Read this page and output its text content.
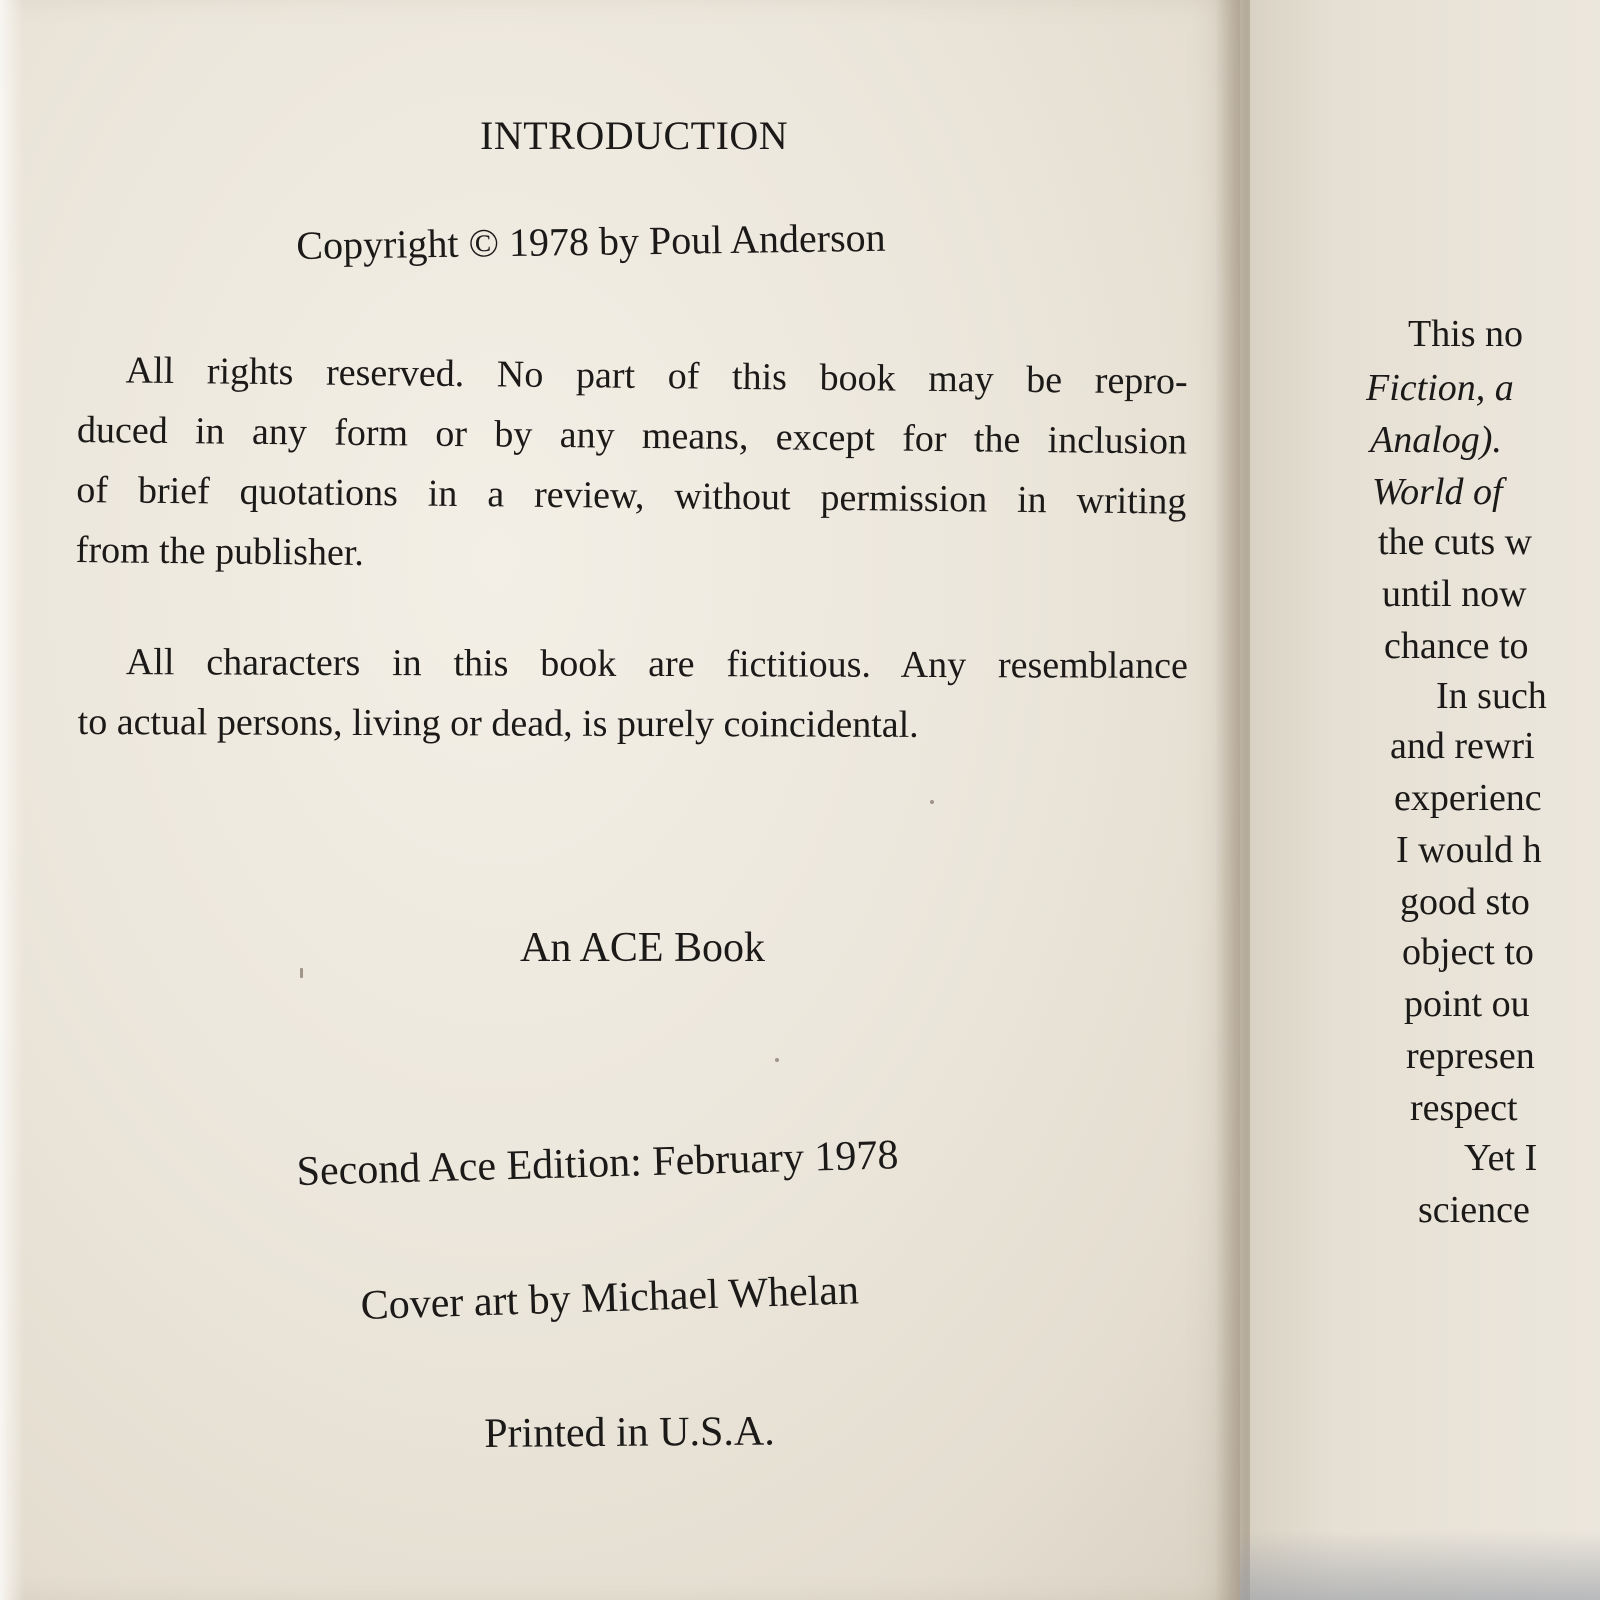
INTRODUCTION
Copyright © 1978 by Poul Anderson
All rights reserved. No part of this book may be repro-
duced in any form or by any means, except for the inclusion
of brief quotations in a review, without permission in writing
from the publisher.
All characters in this book are fictitious. Any resemblance
to actual persons, living or dead, is purely coincidental.
An ACE Book
Second Ace Edition: February 1978
Cover art by Michael Whelan
Printed in U.S.A.
This no
Fiction, a
Analog).
World of
the cuts w
until now
chance to
In such
and rewri
experienc
I would h
good sto
object to
point ou
represen
respect
Yet I
science
